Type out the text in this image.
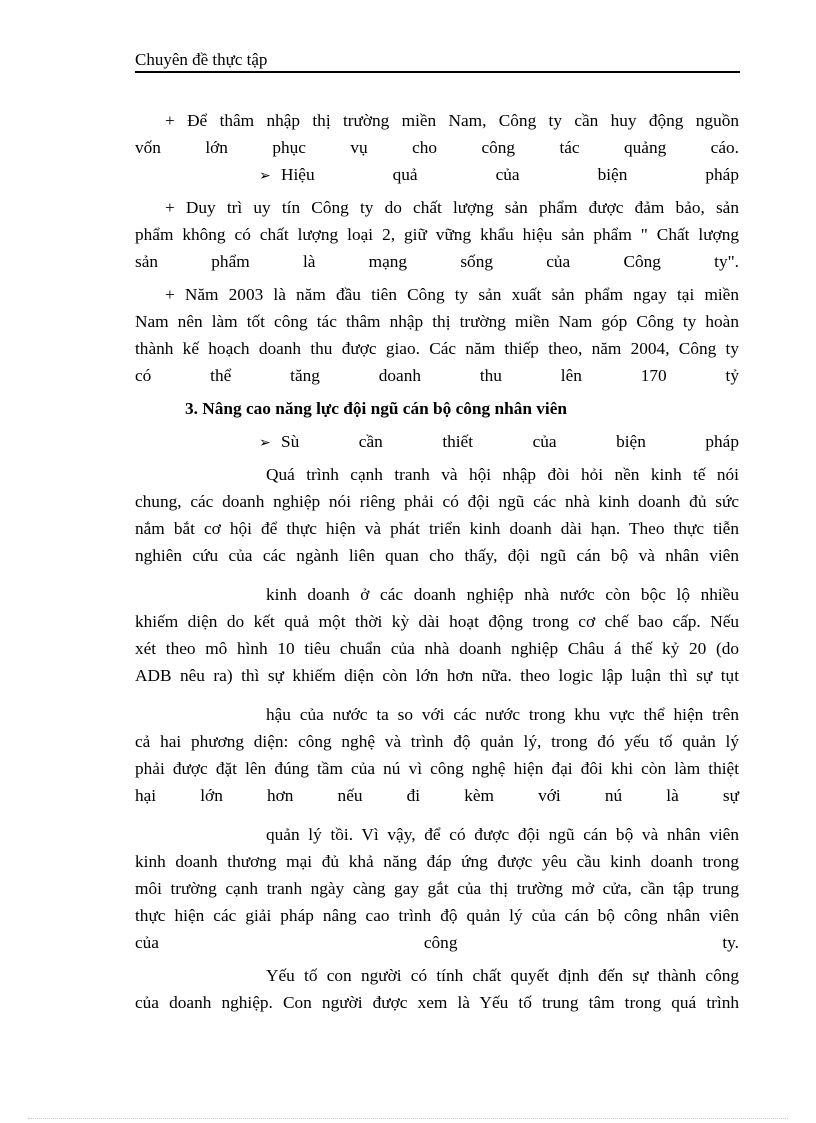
Chuyên đề thực tập
+ Để thâm nhập thị trường miền Nam, Công ty cần huy động nguồn
vốn lớn phục vụ cho công tác quảng cáo.
➢ Hiệu quả của biện pháp
+ Duy trì uy tín Công ty do chất lượng sản phẩm được đảm bảo, sản
phẩm không có chất lượng loại 2, giữ vững khẩu hiệu sản phẩm " Chất lượng
sản phẩm là mạng sống của Công ty".
+ Năm 2003 là năm đầu tiên Công ty sản xuất sản phẩm ngay tại miền
Nam nên làm tốt công tác thâm nhập thị trường miền Nam góp Công ty hoàn
thành kế hoạch doanh thu được giao. Các năm thiếp theo, năm 2004, Công ty
có thể tăng doanh thu lên 170 tỷ
3. Nâng cao năng lực đội ngũ cán bộ công nhân viên
➢ Sù cần thiết của biện pháp
Quá trình cạnh tranh và hội nhập đòi hỏi nền kinh tế nói
chung, các doanh nghiệp nói riêng phải có đội ngũ các nhà kinh doanh đủ sức
nắm bắt cơ hội để thực hiện và phát triển kinh doanh dài hạn. Theo thực tiễn
nghiên cứu của các ngành liên quan cho thấy, đội ngũ cán bộ và nhân viên
kinh doanh ở các doanh nghiệp nhà nước còn bộc lộ nhiều
khiếm diện do kết quả một thời kỳ dài hoạt động trong cơ chế bao cấp. Nếu
xét theo mô hình 10 tiêu chuẩn của nhà doanh nghiệp Châu á thế kỷ 20 (do
ADB nêu ra) thì sự khiếm diện còn lớn hơn nữa. theo logic lập luận thì sự tụt
hậu của nước ta so với các nước trong khu vực thể hiện trên
cả hai phương diện: công nghệ và trình độ quản lý, trong đó yếu tố quản lý
phải được đặt lên đúng tầm của nú vì công nghệ hiện đại đôi khi còn làm thiệt
hại lớn hơn nếu đi kèm với nú là sự
quản lý tồi. Vì vậy, để có được đội ngũ cán bộ và nhân viên
kinh doanh thương mại đủ khả năng đáp ứng được yêu cầu kinh doanh trong
môi trường cạnh tranh ngày càng gay gắt của thị trường mở cửa, cần tập trung
thực hiện các giải pháp nâng cao trình độ quản lý của cán bộ công nhân viên
của công ty.
Yếu tố con người có tính chất quyết định đến sự thành công
của doanh nghiệp. Con người được xem là Yếu tố trung tâm trong quá trình
